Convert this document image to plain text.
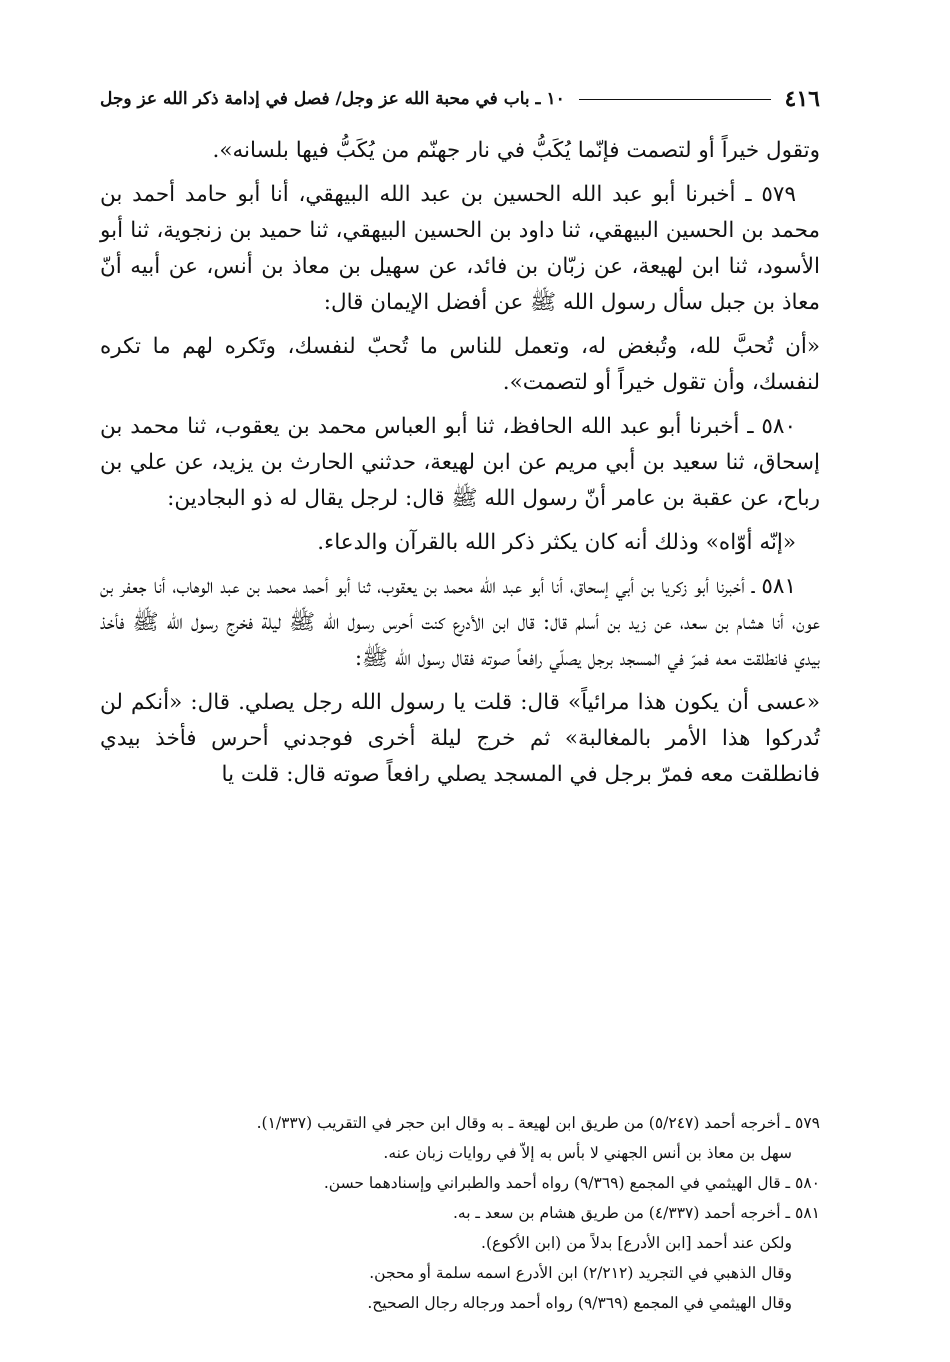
٤١٦
١٠ ـ باب في محبة الله عز وجل/ فصل في إدامة ذكر الله عز وجل

وتقول خيراً أو لتصمت فإنّما يُكَبُّ في نار جهنّم من يُكَبُّ فيها بلسانه».

٥٧٩ ـ أخبرنا أبو عبد الله الحسين بن عبد الله البيهقي، أنا أبو حامد أحمد بن محمد بن الحسين البيهقي، ثنا داود بن الحسين البيهقي، ثنا حميد بن زنجوية، ثنا أبو الأسود، ثنا ابن لهيعة، عن زبّان بن فائد، عن سهيل بن معاذ بن أنس، عن أبيه أنّ معاذ بن جبل سأل رسول الله ﷺ عن أفضل الإيمان قال:

«أن تُحبَّ لله، وتُبغض له، وتعمل للناس ما تُحبّ لنفسك، وتَكره لهم ما تكره لنفسك، وأن تقول خيراً أو لتصمت».

٥٨٠ ـ أخبرنا أبو عبد الله الحافظ، ثنا أبو العباس محمد بن يعقوب، ثنا محمد بن إسحاق، ثنا سعيد بن أبي مريم عن ابن لهيعة، حدثني الحارث بن يزيد، عن علي بن رباح، عن عقبة بن عامر أنّ رسول الله ﷺ قال: لرجل يقال له ذو البجادين:

«إنّه أوّاه» وذلك أنه كان يكثر ذكر الله بالقرآن والدعاء.

٥٨١ ـ أخبرنا أبو زكريا بن أبي إسحاق، أنا أبو عبد الله محمد بن يعقوب، ثنا أبو أحمد محمد بن عبد الوهاب، أنا جعفر بن عون، أنا هشام بن سعد، عن زيد بن أسلم قال: قال ابن الأدرع كنت أحرس رسول الله ﷺ ليلة فخرج رسول الله ﷺ فأخذ بيدي فانطلقت معه فمرّ في المسجد برجل يصلّي رافعاً صوته فقال رسول الله ﷺ:

«عسى أن يكون هذا مرائياً» قال: قلت يا رسول الله رجل يصلي. قال: «أنكم لن تُدركوا هذا الأمر بالمغالبة» ثم خرج ليلة أخرى فوجدني أحرس فأخذ بيدي فانطلقت معه فمرّ برجل في المسجد يصلي رافعاً صوته قال: قلت يا

٥٧٩ ـ أخرجه أحمد (٥/٢٤٧) من طريق ابن لهيعة ـ به وقال ابن حجر في التقريب (١/٣٣٧).

سهل بن معاذ بن أنس الجهني لا بأس به إلاّ في روايات زبان عنه.

٥٨٠ ـ قال الهيثمي في المجمع (٩/٣٦٩) رواه أحمد والطبراني وإسنادهما حسن.

٥٨١ ـ أخرجه أحمد (٤/٣٣٧) من طريق هشام بن سعد ـ به.

ولكن عند أحمد [ابن الأدرع] بدلاً من (ابن الأكوع).

وقال الذهبي في التجريد (٢/٢١٢) ابن الأدرع اسمه سلمة أو محجن.

وقال الهيثمي في المجمع (٩/٣٦٩) رواه أحمد ورجاله رجال الصحيح.
